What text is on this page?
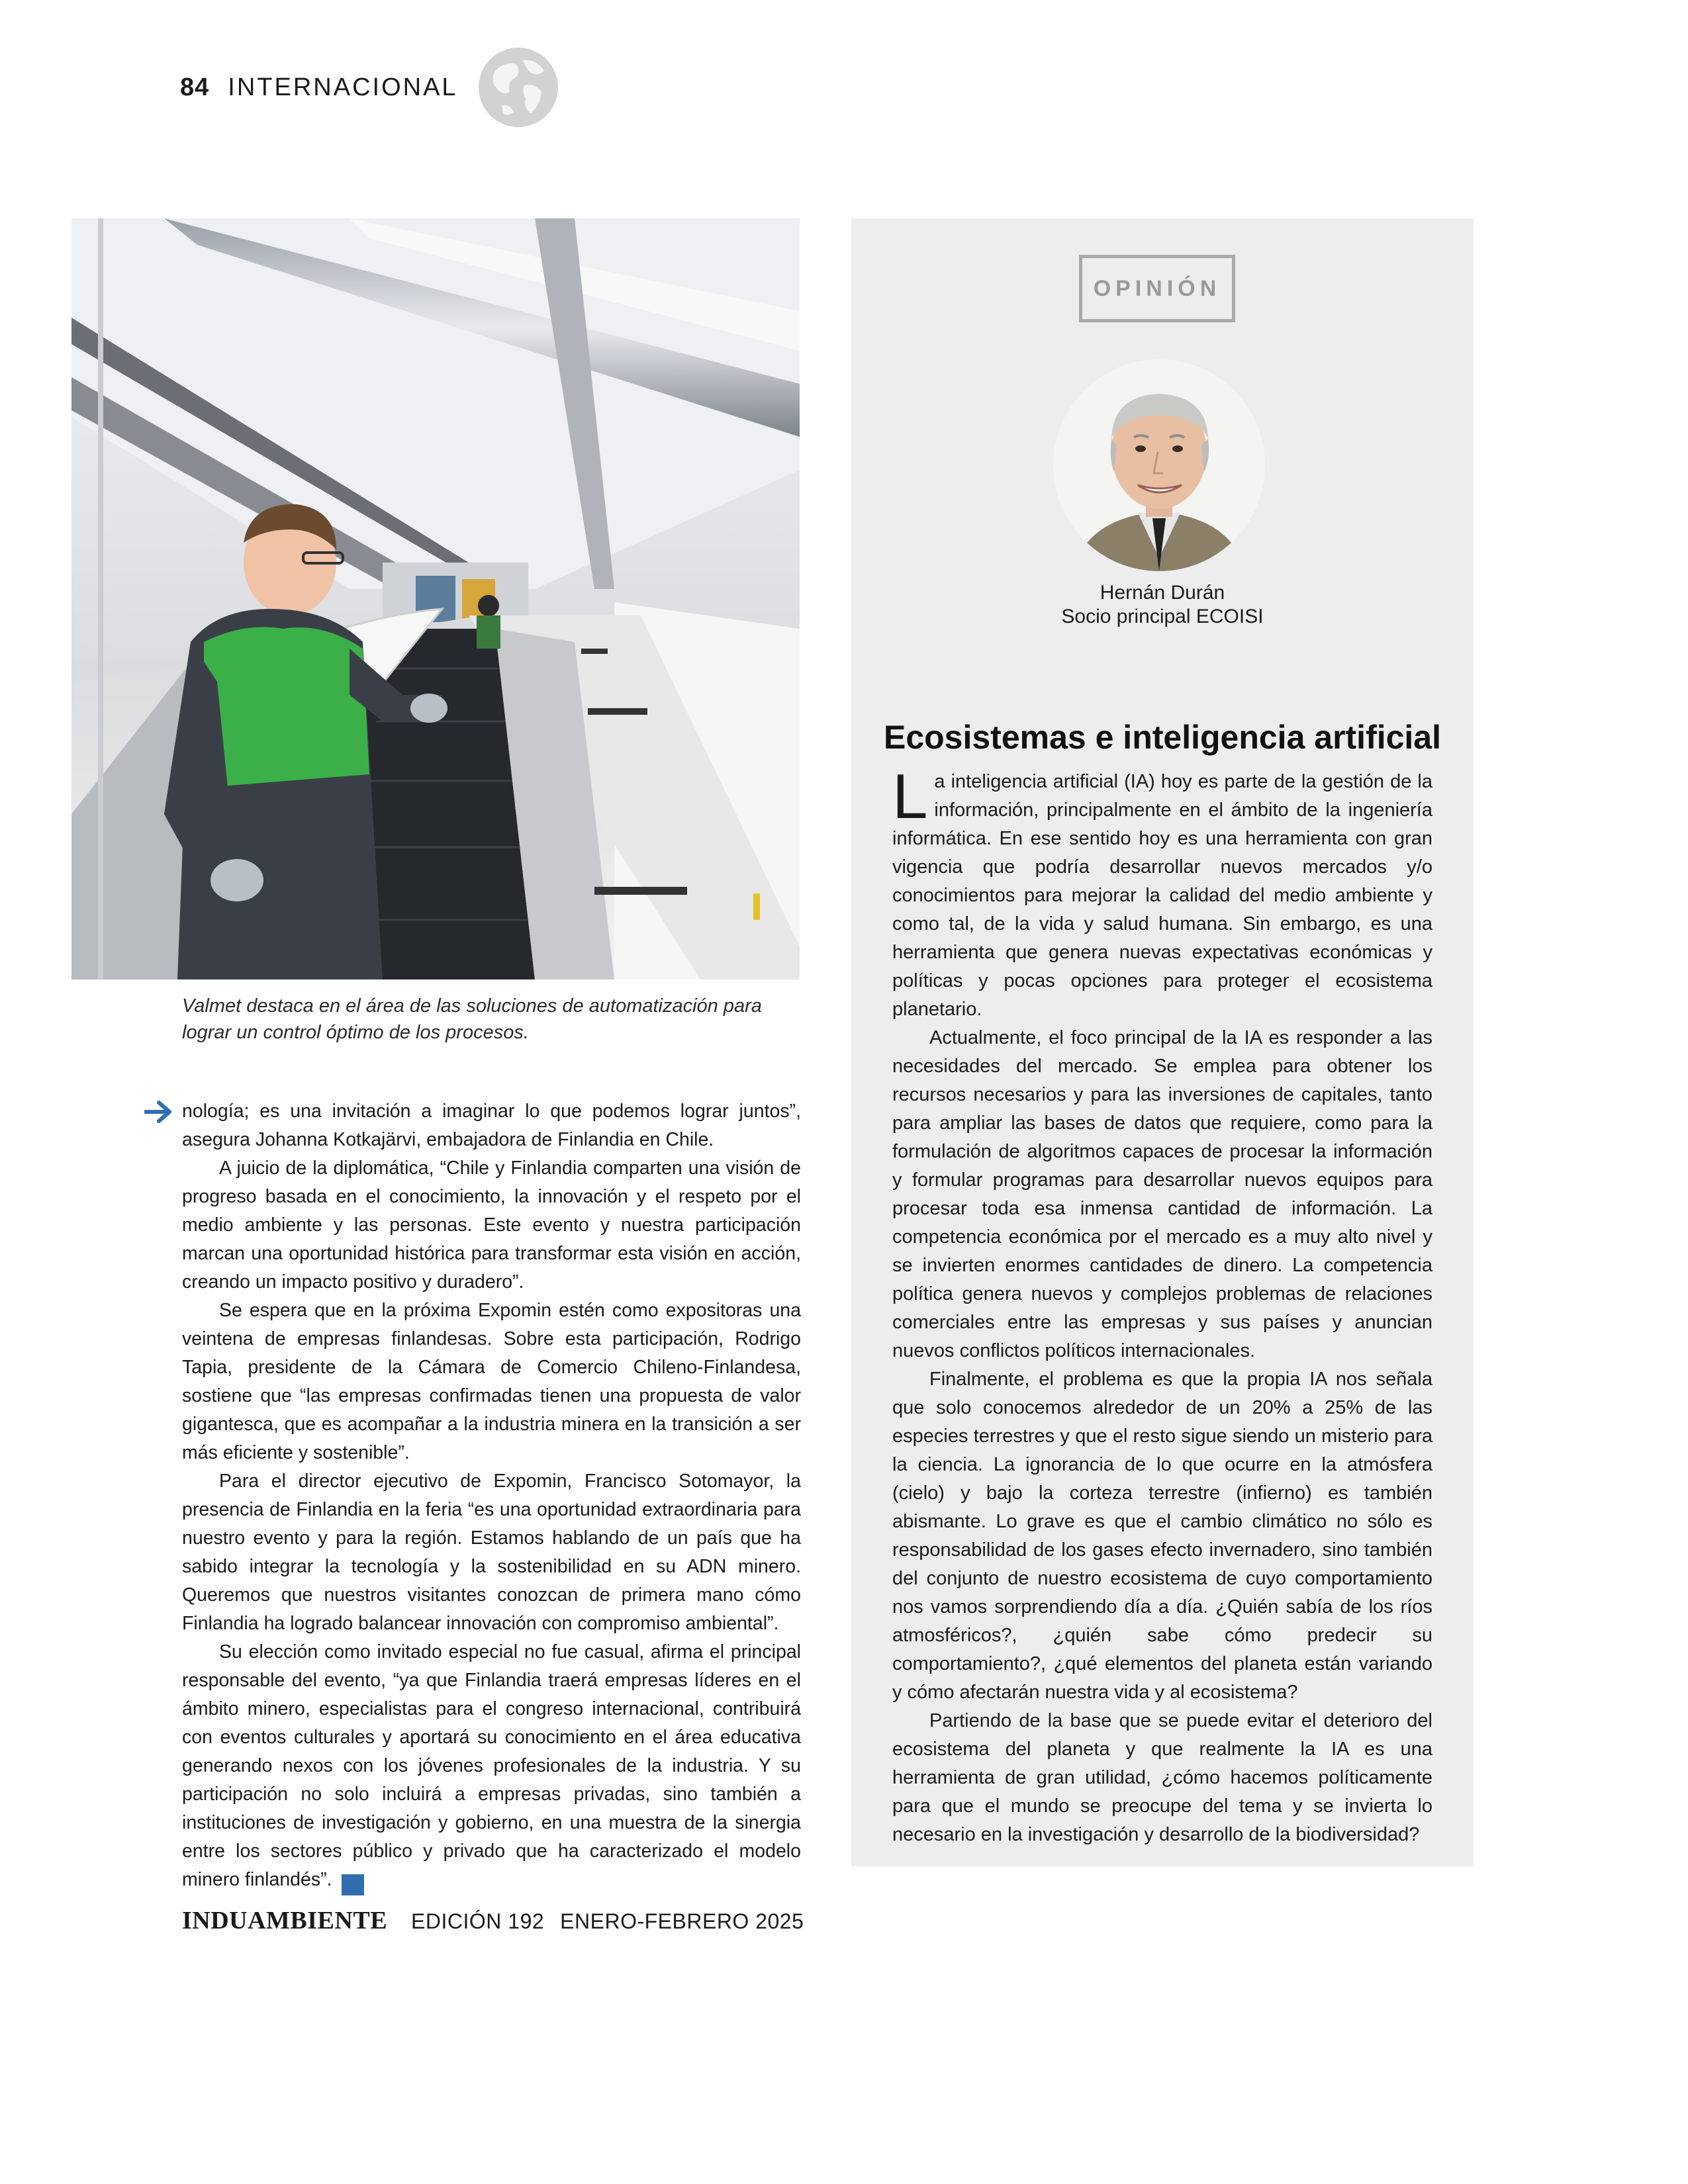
84 INTERNACIONAL
Valmet destaca en el área de las soluciones de automatización para lograr un control óptimo de los procesos.

nología; es una invitación a imaginar lo que podemos lograr juntos”, asegura Johanna Kotkajärvi, embajadora de Finlandia en Chile.

A juicio de la diplomática, “Chile y Finlandia comparten una visión de progreso basada en el conocimiento, la innovación y el respeto por el medio ambiente y las personas. Este evento y nuestra participación marcan una oportunidad histórica para transformar esta visión en acción, creando un impacto positivo y duradero”.

Se espera que en la próxima Expomin estén como expositoras una veintena de empresas finlandesas. Sobre esta participación, Rodrigo Tapia, presidente de la Cámara de Comercio Chileno-Finlandesa, sostiene que “las empresas confirmadas tienen una propuesta de valor gigantesca, que es acompañar a la industria minera en la transición a ser más eficiente y sostenible”.

Para el director ejecutivo de Expomin, Francisco Sotomayor, la presencia de Finlandia en la feria “es una oportunidad extraordinaria para nuestro evento y para la región. Estamos hablando de un país que ha sabido integrar la tecnología y la sostenibilidad en su ADN minero. Queremos que nuestros visitantes conozcan de primera mano cómo Finlandia ha logrado balancear innovación con compromiso ambiental”.

Su elección como invitado especial no fue casual, afirma el principal responsable del evento, “ya que Finlandia traerá empresas líderes en el ámbito minero, especialistas para el congreso internacional, contribuirá con eventos culturales y aportará su conocimiento en el área educativa generando nexos con los jóvenes profesionales de la industria. Y su participación no solo incluirá a empresas privadas, sino también a instituciones de investigación y gobierno, en una muestra de la sinergia entre los sectores público y privado que ha caracterizado el modelo minero finlandés”.	IA

OPINIÓN
Hernán Durán
Socio principal ECOISI
Ecosistemas e inteligencia artificial

La inteligencia artificial (IA) hoy es parte de la gestión de la información, principalmente en el ámbito de la ingeniería informática. En ese sentido hoy es una herramienta con gran vigencia que podría desarrollar nuevos mercados y/o conocimientos para mejorar la calidad del medio ambiente y como tal, de la vida y salud humana. Sin embargo, es una herramienta que genera nuevas expectativas económicas y políticas y pocas opciones para proteger el ecosistema planetario.

Actualmente, el foco principal de la IA es responder a las necesidades del mercado. Se emplea para obtener los recursos necesarios y para las inversiones de capitales, tanto para ampliar las bases de datos que requiere, como para la formulación de algoritmos capaces de procesar la información y formular programas para desarrollar nuevos equipos para procesar toda esa inmensa cantidad de información. La competencia económica por el mercado es a muy alto nivel y se invierten enormes cantidades de dinero. La competencia política genera nuevos y complejos problemas de relaciones comerciales entre las empresas y sus países y anuncian nuevos conflictos políticos internacionales.

Finalmente, el problema es que la propia IA nos señala que solo conocemos alrededor de un 20% a 25% de las especies terrestres y que el resto sigue siendo un misterio para la ciencia. La ignorancia de lo que ocurre en la atmósfera (cielo) y bajo la corteza terrestre (infierno) es también abismante. Lo grave es que el cambio climático no sólo es responsabilidad de los gases efecto invernadero, sino también del conjunto de nuestro ecosistema de cuyo comportamiento nos vamos sorprendiendo día a día. ¿Quién sabía de los ríos atmosféricos?, ¿quién sabe cómo predecir su comportamiento?, ¿qué elementos del planeta están variando y cómo afectarán nuestra vida y al ecosistema?

Partiendo de la base que se puede evitar el deterioro del ecosistema del planeta y que realmente la IA es una herramienta de gran utilidad, ¿cómo hacemos políticamente para que el mundo se preocupe del tema y se invierta lo necesario en la investigación y desarrollo de la biodiversidad?

INDUAMBIENTE EDICIÓN 192 ENERO-FEBRERO 2025
